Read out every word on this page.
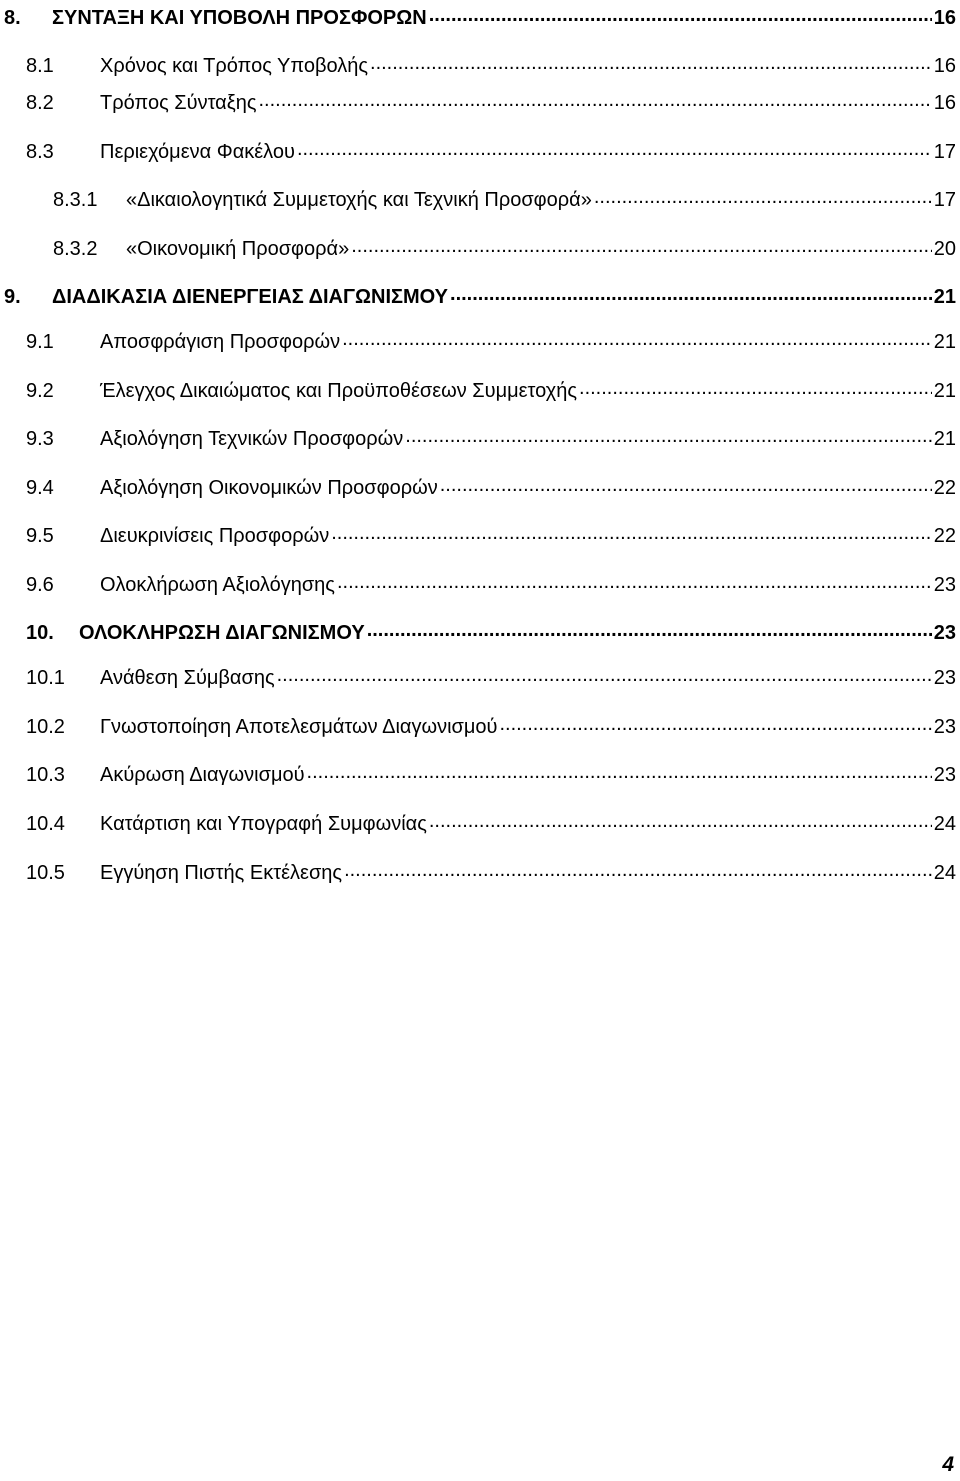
8.	ΣΥΝΤΑΞΗ ΚΑΙ ΥΠΟΒΟΛΗ ΠΡΟΣΦΟΡΩΝ .....	16
8.1	Χρόνος και Τρόπος Υποβολής .....	16
8.2	Τρόπος Σύνταξης .....	16
8.3	Περιεχόμενα Φακέλου .....	17
8.3.1	«Δικαιολογητικά Συμμετοχής και Τεχνική Προσφορά» .....	17
8.3.2	«Οικονομική Προσφορά» .....	20
9.	ΔΙΑΔΙΚΑΣΙΑ ΔΙΕΝΕΡΓΕΙΑΣ ΔΙΑΓΩΝΙΣΜΟΥ .....	21
9.1	Αποσφράγιση Προσφορών .....	21
9.2	Έλεγχος Δικαιώματος και Προϋποθέσεων Συμμετοχής .....	21
9.3	Αξιολόγηση Τεχνικών Προσφορών .....	21
9.4	Αξιολόγηση Οικονομικών Προσφορών .....	22
9.5	Διευκρινίσεις Προσφορών .....	22
9.6	Ολοκλήρωση Αξιολόγησης .....	23
10.	ΟΛΟΚΛΗΡΩΣΗ ΔΙΑΓΩΝΙΣΜΟΥ .....	23
10.1	Ανάθεση Σύμβασης .....	23
10.2	Γνωστοποίηση Αποτελεσμάτων Διαγωνισμού .....	23
10.3	Ακύρωση Διαγωνισμού .....	23
10.4	Κατάρτιση και Υπογραφή Συμφωνίας .....	24
10.5	Εγγύηση Πιστής Εκτέλεσης .....	24
4
